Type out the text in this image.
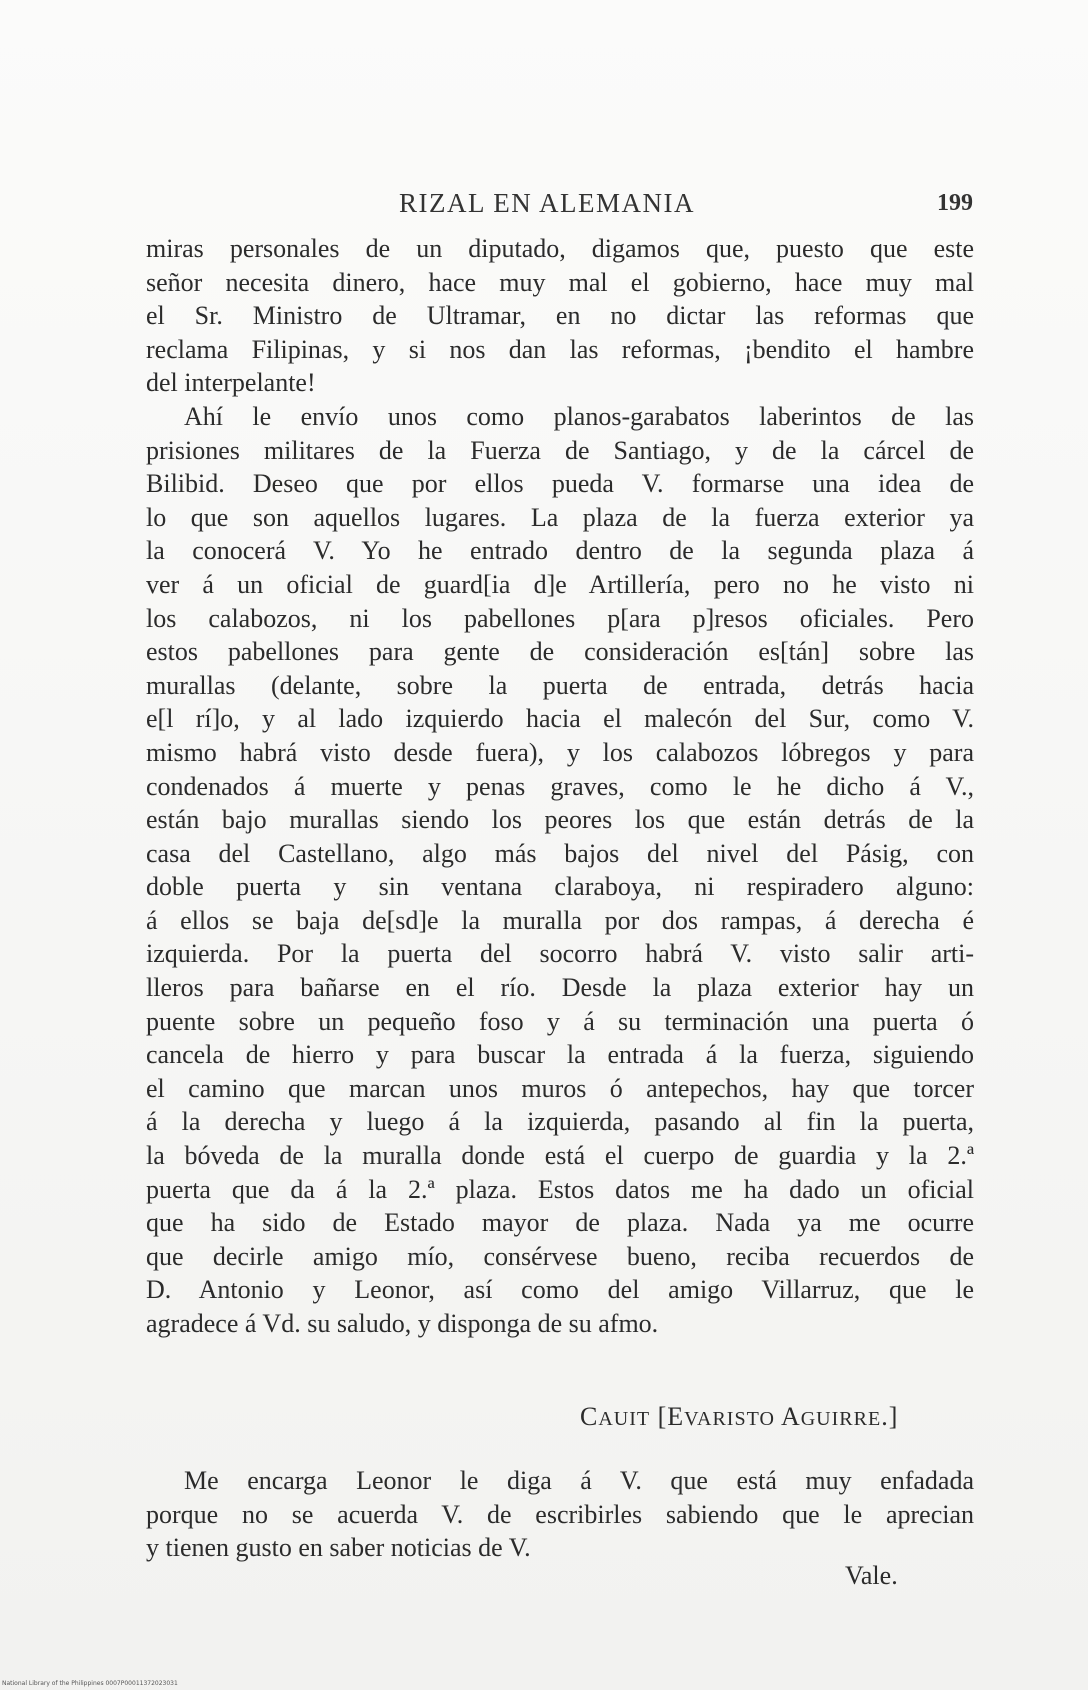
RIZAL EN ALEMANIA	199
miras personales de un diputado, digamos que, puesto que este
señor necesita dinero, hace muy mal el gobierno, hace muy mal
el Sr. Ministro de Ultramar, en no dictar las reformas que
reclama Filipinas, y si nos dan las reformas, ¡bendito el hambre
del interpelante!
Ahí le envío unos como planos-garabatos laberintos de las
prisiones militares de la Fuerza de Santiago, y de la cárcel de
Bilibid. Deseo que por ellos pueda V. formarse una idea de
lo que son aquellos lugares. La plaza de la fuerza exterior ya
la conocerá V. Yo he entrado dentro de la segunda plaza á
ver á un oficial de guard[ia d]e Artillería, pero no he visto ni
los calabozos, ni los pabellones p[ara p]resos oficiales. Pero
estos pabellones para gente de consideración es[tán] sobre las
murallas (delante, sobre la puerta de entrada, detrás hacia
e[l rí]o, y al lado izquierdo hacia el malecón del Sur, como V.
mismo habrá visto desde fuera), y los calabozos lóbregos y para
condenados á muerte y penas graves, como le he dicho á V.,
están bajo murallas siendo los peores los que están detrás de la
casa del Castellano, algo más bajos del nivel del Pásig, con
doble puerta y sin ventana claraboya, ni respiradero alguno:
á ellos se baja de[sd]e la muralla por dos rampas, á derecha é
izquierda. Por la puerta del socorro habrá V. visto salir arti-
lleros para bañarse en el río. Desde la plaza exterior hay un
puente sobre un pequeño foso y á su terminación una puerta ó
cancela de hierro y para buscar la entrada á la fuerza, siguiendo
el camino que marcan unos muros ó antepechos, hay que torcer
á la derecha y luego á la izquierda, pasando al fin la puerta,
la bóveda de la muralla donde está el cuerpo de guardia y la 2.ª
puerta que da á la 2.ª plaza. Estos datos me ha dado un oficial
que ha sido de Estado mayor de plaza. Nada ya me ocurre
que decirle amigo mío, consérvese bueno, reciba recuerdos de
D. Antonio y Leonor, así como del amigo Villarruz, que le
agradece á Vd. su saludo, y disponga de su afmo.
CAUIT [EVARISTO AGUIRRE.]
Me encarga Leonor le diga á V. que está muy enfadada
porque no se acuerda V. de escribirles sabiendo que le aprecian
y tienen gusto en saber noticias de V.
Vale.
National Library of the Philippines 0007P00011372023031
